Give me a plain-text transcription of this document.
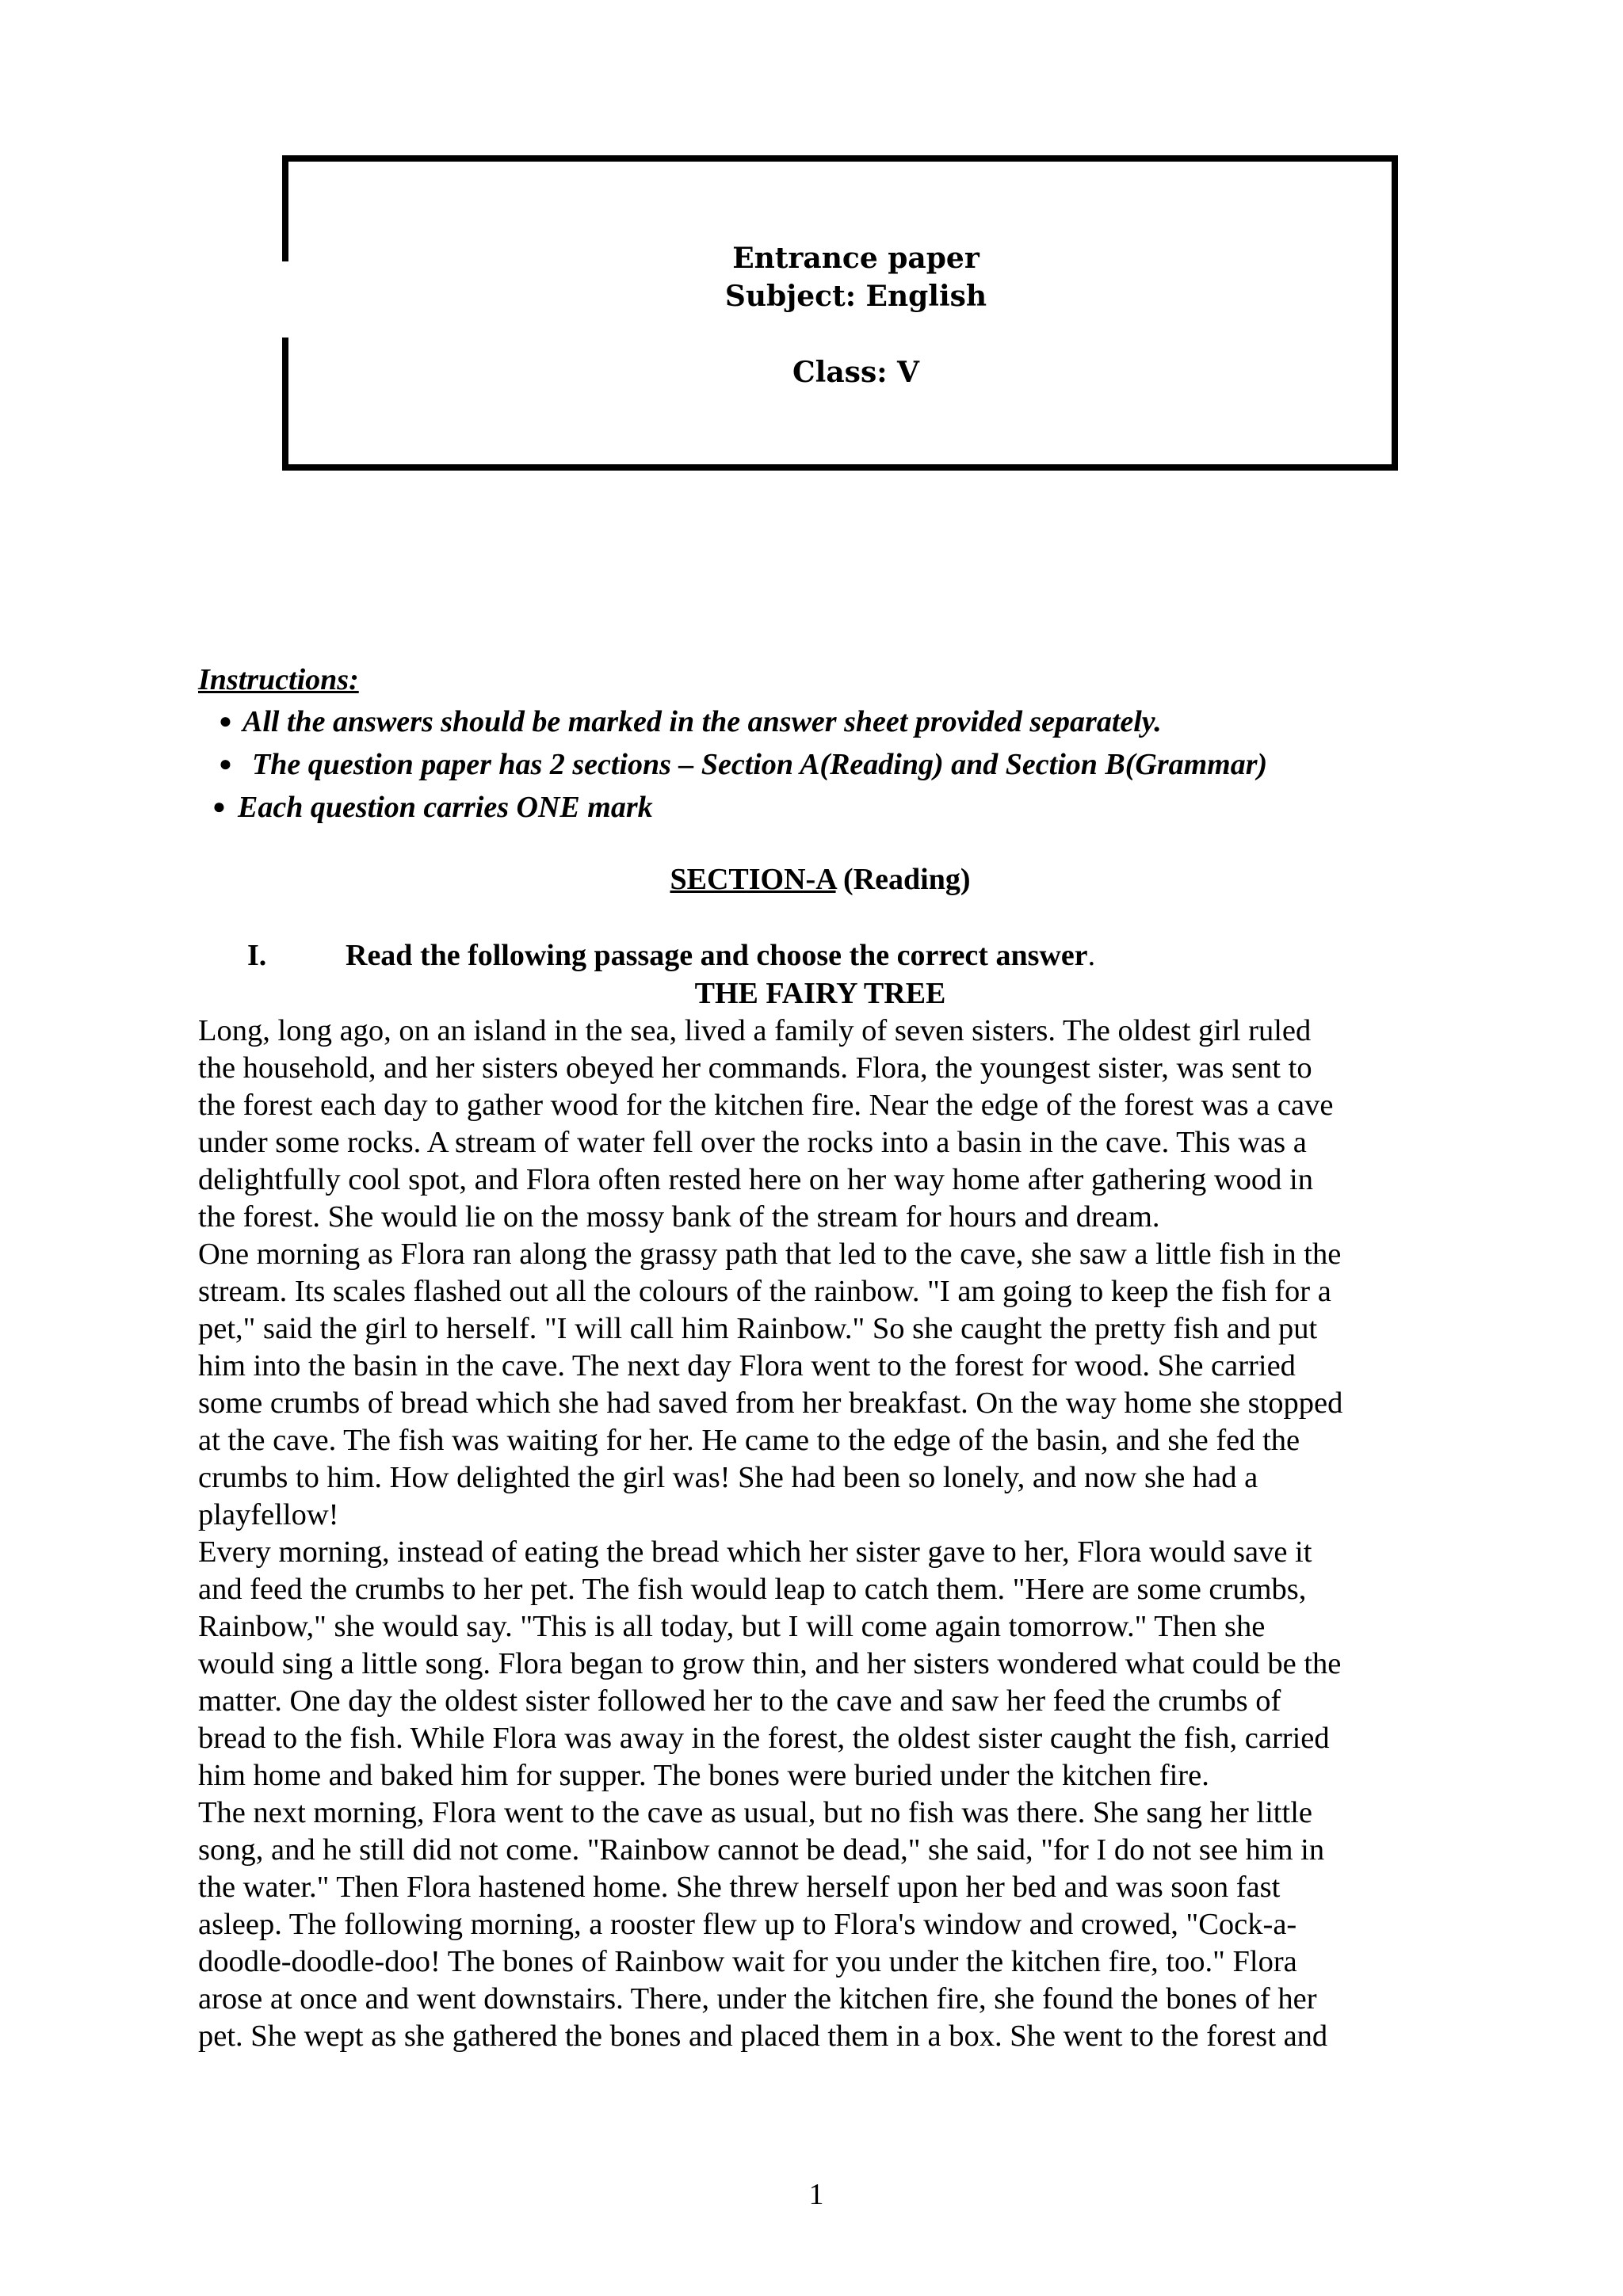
Entrance paper
Subject: English
Class: V
Instructions:
● All the answers should be marked in the answer sheet provided separately.
● The question paper has 2 sections – Section A(Reading) and Section B(Grammar)
● Each question carries ONE mark
SECTION-A (Reading)
I.	Read the following passage and choose the correct answer.
THE FAIRY TREE
Long, long ago, on an island in the sea, lived a family of seven sisters. The oldest girl ruled
the household, and her sisters obeyed her commands. Flora, the youngest sister, was sent to
the forest each day to gather wood for the kitchen fire. Near the edge of the forest was a cave
under some rocks. A stream of water fell over the rocks into a basin in the cave. This was a
delightfully cool spot, and Flora often rested here on her way home after gathering wood in
the forest. She would lie on the mossy bank of the stream for hours and dream.
One morning as Flora ran along the grassy path that led to the cave, she saw a little fish in the
stream. Its scales flashed out all the colours of the rainbow. "I am going to keep the fish for a
pet," said the girl to herself. "I will call him Rainbow." So she caught the pretty fish and put
him into the basin in the cave. The next day Flora went to the forest for wood. She carried
some crumbs of bread which she had saved from her breakfast. On the way home she stopped
at the cave. The fish was waiting for her. He came to the edge of the basin, and she fed the
crumbs to him. How delighted the girl was! She had been so lonely, and now she had a
playfellow!
Every morning, instead of eating the bread which her sister gave to her, Flora would save it
and feed the crumbs to her pet. The fish would leap to catch them. "Here are some crumbs,
Rainbow," she would say. "This is all today, but I will come again tomorrow." Then she
would sing a little song. Flora began to grow thin, and her sisters wondered what could be the
matter. One day the oldest sister followed her to the cave and saw her feed the crumbs of
bread to the fish. While Flora was away in the forest, the oldest sister caught the fish, carried
him home and baked him for supper. The bones were buried under the kitchen fire.
The next morning, Flora went to the cave as usual, but no fish was there. She sang her little
song, and he still did not come. "Rainbow cannot be dead," she said, "for I do not see him in
the water." Then Flora hastened home. She threw herself upon her bed and was soon fast
asleep. The following morning, a rooster flew up to Flora's window and crowed, "Cock-a-
doodle-doodle-doo! The bones of Rainbow wait for you under the kitchen fire, too." Flora
arose at once and went downstairs. There, under the kitchen fire, she found the bones of her
pet. She wept as she gathered the bones and placed them in a box. She went to the forest and
1
